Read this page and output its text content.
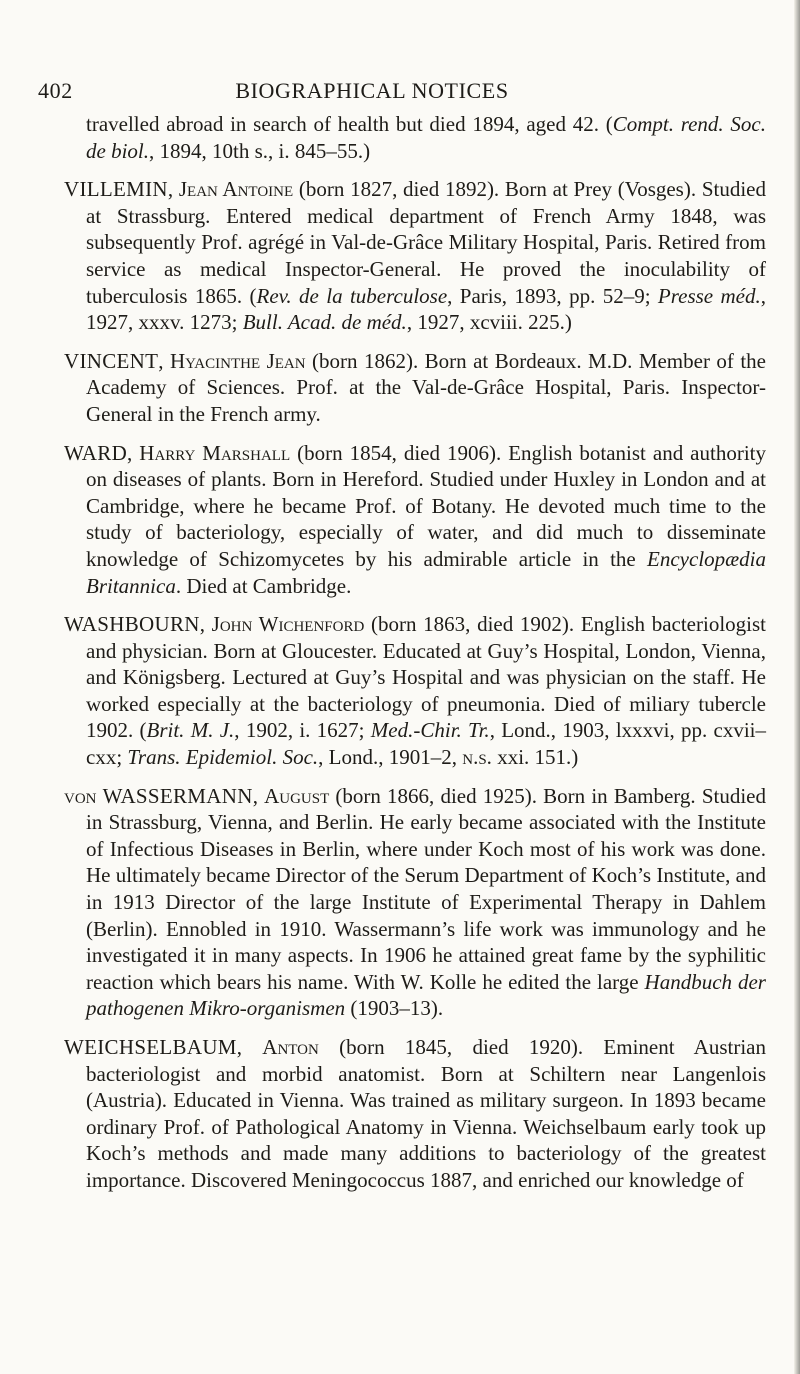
402	BIOGRAPHICAL NOTICES

travelled abroad in search of health but died 1894, aged 42. (Compt. rend. Soc. de biol., 1894, 10th s., i. 845–55.)

VILLEMIN, Jean Antoine (born 1827, died 1892). Born at Prey (Vosges). Studied at Strassburg. Entered medical department of French Army 1848, was subsequently Prof. agrégé in Val-de-Grâce Military Hospital, Paris. Retired from service as medical Inspector-General. He proved the inoculability of tuberculosis 1865. (Rev. de la tuberculose, Paris, 1893, pp. 52–9; Presse méd., 1927, xxxv. 1273; Bull. Acad. de méd., 1927, xcviii. 225.)

VINCENT, Hyacinthe Jean (born 1862). Born at Bordeaux. M.D. Member of the Academy of Sciences. Prof. at the Val-de-Grâce Hospital, Paris. Inspector-General in the French army.

WARD, Harry Marshall (born 1854, died 1906). English botanist and authority on diseases of plants. Born in Hereford. Studied under Huxley in London and at Cambridge, where he became Prof. of Botany. He devoted much time to the study of bacteriology, especially of water, and did much to disseminate knowledge of Schizomycetes by his admirable article in the Encyclopædia Britannica. Died at Cambridge.

WASHBOURN, John Wichenford (born 1863, died 1902). English bacteriologist and physician. Born at Gloucester. Educated at Guy’s Hospital, London, Vienna, and Königsberg. Lectured at Guy’s Hospital and was physician on the staff. He worked especially at the bacteriology of pneumonia. Died of miliary tubercle 1902. (Brit. M. J., 1902, i. 1627; Med.-Chir. Tr., Lond., 1903, lxxxvi, pp. cxvii–cxx; Trans. Epidemiol. Soc., Lond., 1901–2, n.s. xxi. 151.)

von WASSERMANN, August (born 1866, died 1925). Born in Bamberg. Studied in Strassburg, Vienna, and Berlin. He early became associated with the Institute of Infectious Diseases in Berlin, where under Koch most of his work was done. He ultimately became Director of the Serum Department of Koch’s Institute, and in 1913 Director of the large Institute of Experimental Therapy in Dahlem (Berlin). Ennobled in 1910. Wassermann’s life work was immunology and he investigated it in many aspects. In 1906 he attained great fame by the syphilitic reaction which bears his name. With W. Kolle he edited the large Handbuch der pathogenen Mikro-organismen (1903–13).

WEICHSELBAUM, Anton (born 1845, died 1920). Eminent Austrian bacteriologist and morbid anatomist. Born at Schiltern near Langenlois (Austria). Educated in Vienna. Was trained as military surgeon. In 1893 became ordinary Prof. of Pathological Anatomy in Vienna. Weichselbaum early took up Koch’s methods and made many additions to bacteriology of the greatest importance. Discovered Meningococcus 1887, and enriched our knowledge of
